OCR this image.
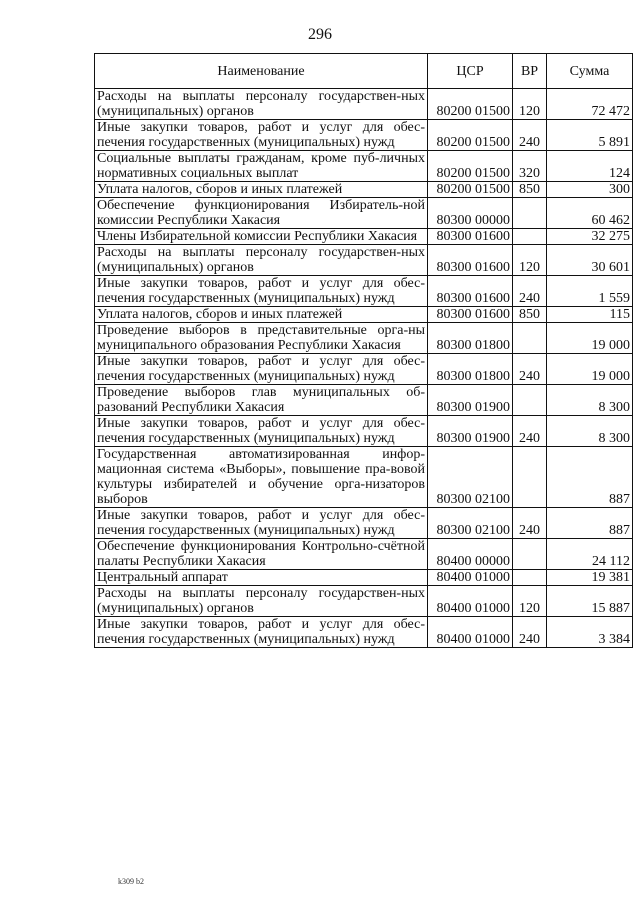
296
Наименование	ЦСР	ВР	Сумма
Расходы на выплаты персоналу государствен-ных (муниципальных) органов	80200 01500	120	72 472
Иные закупки товаров, работ и услуг для обес-печения государственных (муниципальных) нужд	80200 01500	240	5 891
Социальные выплаты гражданам, кроме пуб-личных нормативных социальных выплат	80200 01500	320	124
Уплата налогов, сборов и иных платежей	80200 01500	850	300
Обеспечение функционирования Избиратель-ной комиссии Республики Хакасия	80300 00000		60 462
Члены Избирательной комиссии Республики Хакасия	80300 01600		32 275
Расходы на выплаты персоналу государствен-ных (муниципальных) органов	80300 01600	120	30 601
Иные закупки товаров, работ и услуг для обес-печения государственных (муниципальных) нужд	80300 01600	240	1 559
Уплата налогов, сборов и иных платежей	80300 01600	850	115
Проведение выборов в представительные орга-ны муниципального образования Республики Хакасия	80300 01800		19 000
Иные закупки товаров, работ и услуг для обес-печения государственных (муниципальных) нужд	80300 01800	240	19 000
Проведение выборов глав муниципальных об-разований Республики Хакасия	80300 01900		8 300
Иные закупки товаров, работ и услуг для обес-печения государственных (муниципальных) нужд	80300 01900	240	8 300
Государственная автоматизированная инфор-мационная система «Выборы», повышение пра-вовой культуры избирателей и обучение орга-низаторов выборов	80300 02100		887
Иные закупки товаров, работ и услуг для обес-печения государственных (муниципальных) нужд	80300 02100	240	887
Обеспечение функционирования Контрольно-счётной палаты Республики Хакасия	80400 00000		24 112
Центральный аппарат	80400 01000		19 381
Расходы на выплаты персоналу государствен-ных (муниципальных) органов	80400 01000	120	15 887
Иные закупки товаров, работ и услуг для обес-печения государственных (муниципальных) нужд	80400 01000	240	3 384
k309 b2
